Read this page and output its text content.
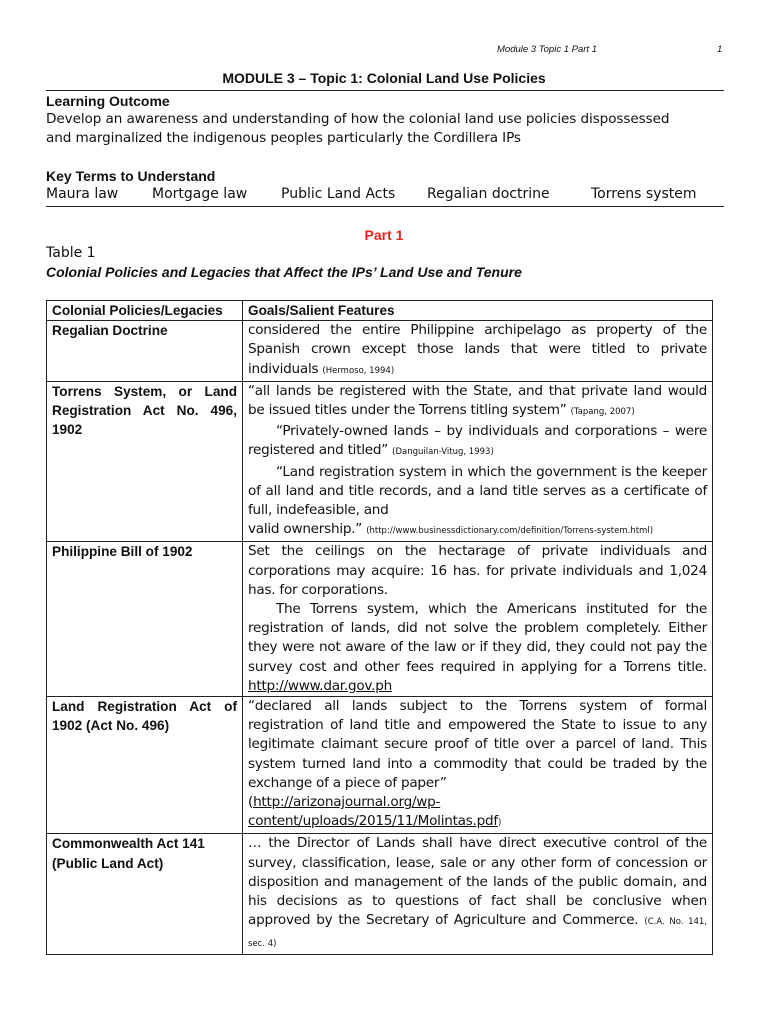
Module 3 Topic 1 Part 1	1
MODULE 3 – Topic 1: Colonial Land Use Policies
Learning Outcome
Develop an awareness and understanding of how the colonial land use policies dispossessed
and marginalized the indigenous peoples particularly the Cordillera IPs
Key Terms to Understand
Maura law Mortgage law Public Land Acts Regalian doctrine	Torrens system
Part 1
Table 1
Colonial Policies and Legacies that Affect the IPs’ Land Use and Tenure
Colonial Policies/Legacies	Goals/Salient Features
Regalian Doctrine	considered the entire Philippine archipelago as property of the Spanish crown except those lands that were titled to private individuals (Hermoso, 1994)
Torrens System, or Land Registration Act No. 496, 1902	“all lands be registered with the State, and that private land would be issued titles under the Torrens titling system” (Tapang, 2007)
“Privately-owned lands – by individuals and corporations – were registered and titled” (Danguilan-Vitug, 1993)
“Land registration system in which the government is the keeper of all land and title records, and a land title serves as a certificate of full, indefeasible, and
valid ownership.” (http://www.businessdictionary.com/definition/Torrens-system.html)
Philippine Bill of 1902	Set the ceilings on the hectarage of private individuals and corporations may acquire: 16 has. for private individuals and 1,024 has. for corporations.
The Torrens system, which the Americans instituted for the registration of lands, did not solve the problem completely. Either they were not aware of the law or if they did, they could not pay the survey cost and other fees required in applying for a Torrens title. http://www.dar.gov.ph
Land Registration Act of 1902 (Act No. 496)	“declared all lands subject to the Torrens system of formal registration of land title and empowered the State to issue to any legitimate claimant secure proof of title over a parcel of land. This system turned land into a commodity that could be traded by the exchange of a piece of paper”
(http://arizonajournal.org/wp-
content/uploads/2015/11/Molintas.pdf)
Commonwealth Act 141 (Public Land Act)	… the Director of Lands shall have direct executive control of the survey, classification, lease, sale or any other form of concession or disposition and management of the lands of the public domain, and his decisions as to questions of fact shall be conclusive when approved by the Secretary of Agriculture and Commerce. (C.A. No. 141, sec. 4)
